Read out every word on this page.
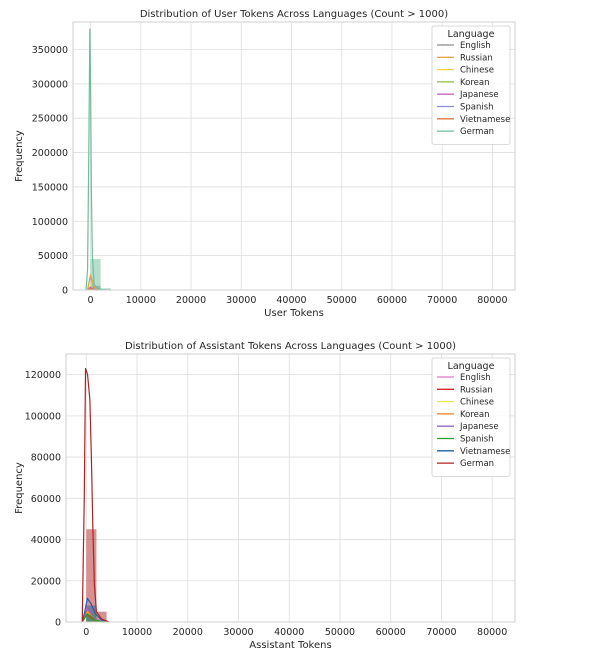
0	10000 20000 30000 40000 50000 60000 70000 80000
0
50000
100000
150000
200000
250000
300000
350000
Distribution of User Tokens Across Languages (Count > 1000)
User Tokens
Frequency
Language
English
Russian
Chinese
Korean
Japanese
Spanish
Vietnamese
German
0	10000 20000 30000 40000 50000 60000 70000 80000
0
20000
40000
60000
80000
100000
120000
Distribution of Assistant Tokens Across Languages (Count > 1000)
Assistant Tokens
Frequency
Language
English
Russian
Chinese
Korean
Japanese
Spanish
Vietnamese
German
